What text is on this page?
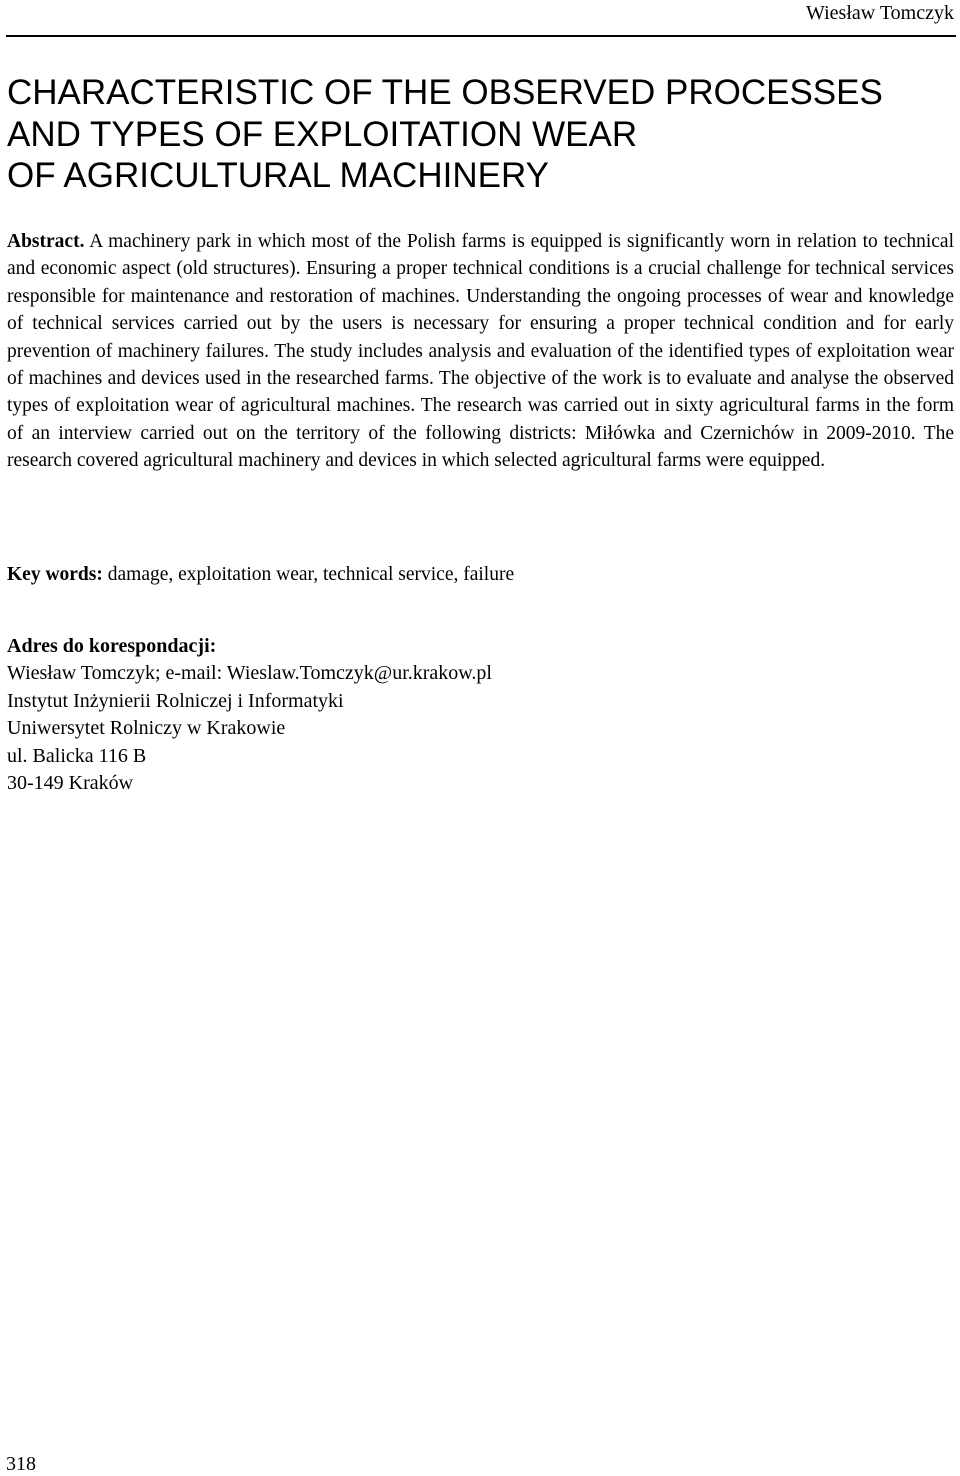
Wiesław Tomczyk
CHARACTERISTIC OF THE OBSERVED PROCESSES
AND TYPES OF EXPLOITATION WEAR
OF AGRICULTURAL MACHINERY

Abstract. A machinery park in which most of the Polish farms is equipped is significantly worn in relation to technical and economic aspect (old structures). Ensuring a proper technical conditions is a crucial challenge for technical services responsible for maintenance and restoration of machines. Understanding the ongoing processes of wear and knowledge of technical services carried out by the users is necessary for ensuring a proper technical condition and for early prevention of machinery failures. The study includes analysis and evaluation of the identified types of exploitation wear of machines and devices used in the researched farms. The objective of the work is to evaluate and analyse the observed types of exploitation wear of agricultural machines. The research was carried out in sixty agricultural farms in the form of an interview carried out on the territory of the following districts: Miłówka and Czernichów in 2009-2010. The research covered agricultural machinery and devices in which selected agricultural farms were equipped.

Key words: damage, exploitation wear, technical service, failure

Adres do korespondacji:
Wiesław Tomczyk; e-mail: Wieslaw.Tomczyk@ur.krakow.pl
Instytut Inżynierii Rolniczej i Informatyki
Uniwersytet Rolniczy w Krakowie
ul. Balicka 116 B
30-149 Kraków
318
